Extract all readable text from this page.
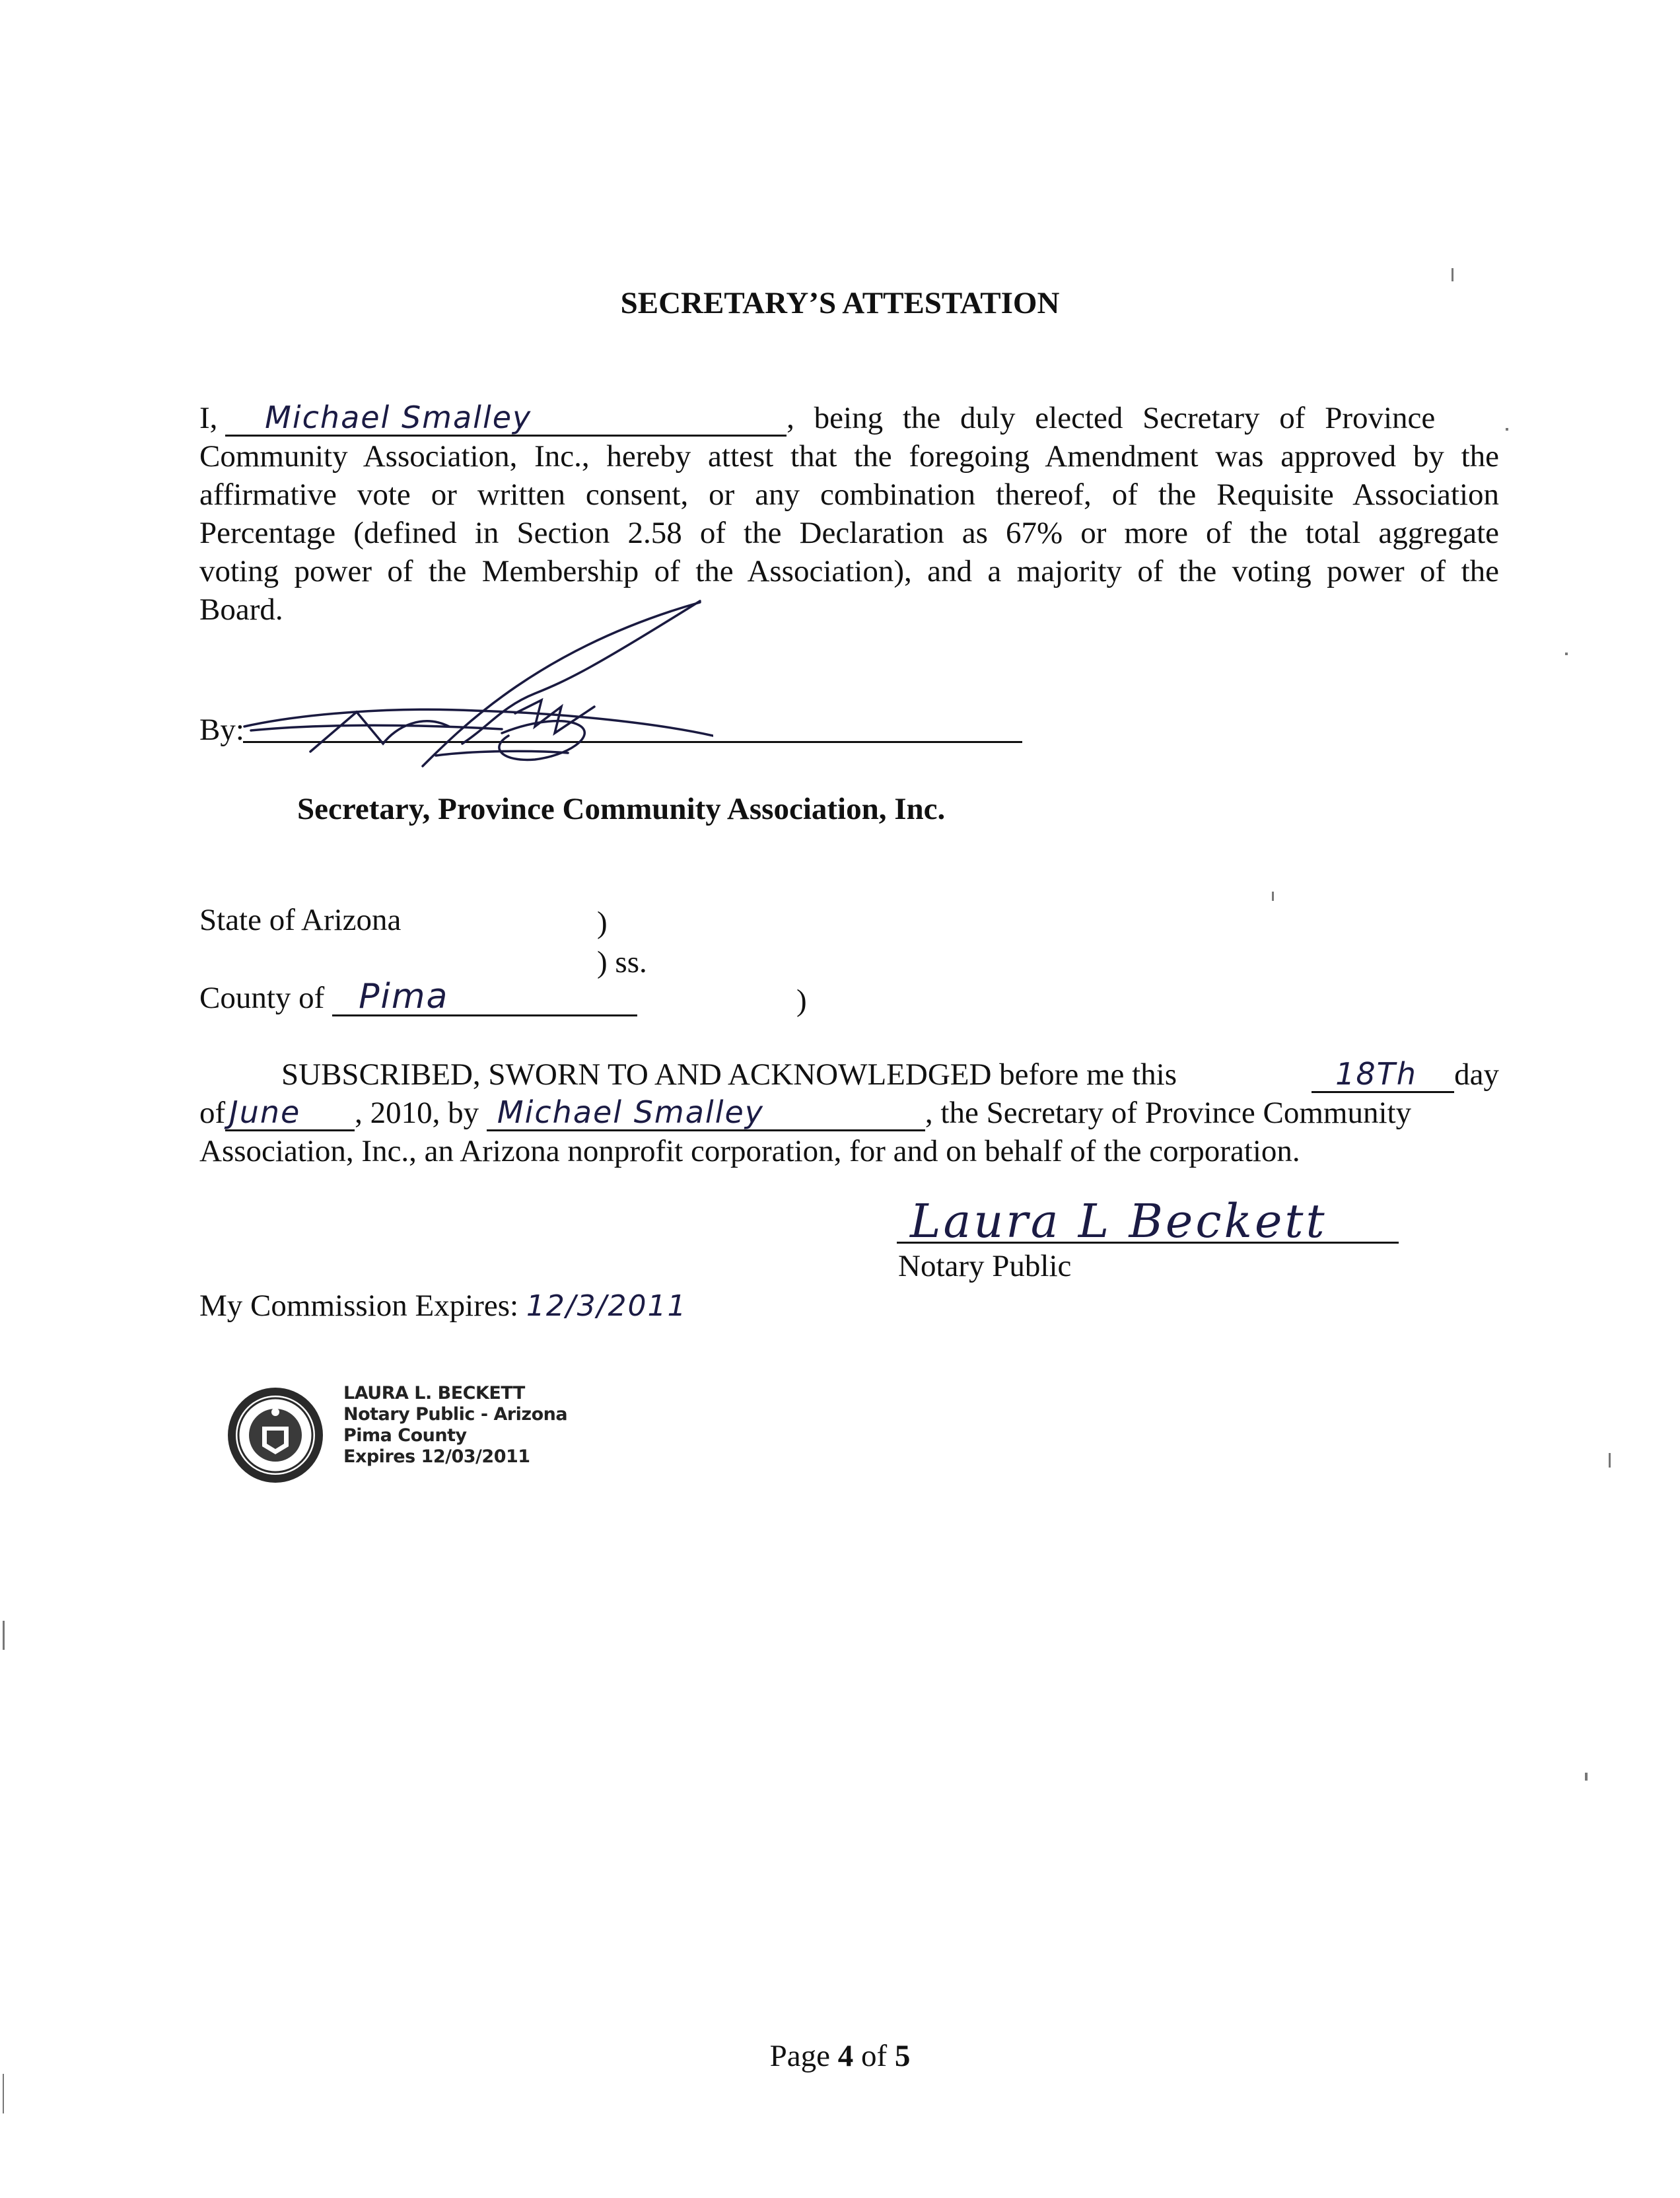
SECRETARY’S ATTESTATION
I, Michael Smalley	, being the duly elected Secretary of Province
Community Association, Inc., hereby attest that the foregoing Amendment was approved by the
affirmative vote or written consent, or any combination thereof, of the Requisite Association
Percentage (defined in Section 2.58 of the Declaration as 67% or more of the total aggregate
voting power of the Membership of the Association), and a majority of the voting power of the
Board.
By:
Secretary, Province Community Association, Inc.
State of Arizona	)
) ss.
County of Pima	)
SUBSCRIBED, SWORN TO AND ACKNOWLEDGED before me this	18Th day
of June , 2010, by Michael Smalley	, the Secretary of Province Community
Association, Inc., an Arizona nonprofit corporation, for and on behalf of the corporation.
Laura L Beckett
Notary Public
My Commission Expires: 12/3/2011
LAURA L. BECKETT
Notary Public - Arizona
Pima County
Expires 12/03/2011
Page 4 of 5
